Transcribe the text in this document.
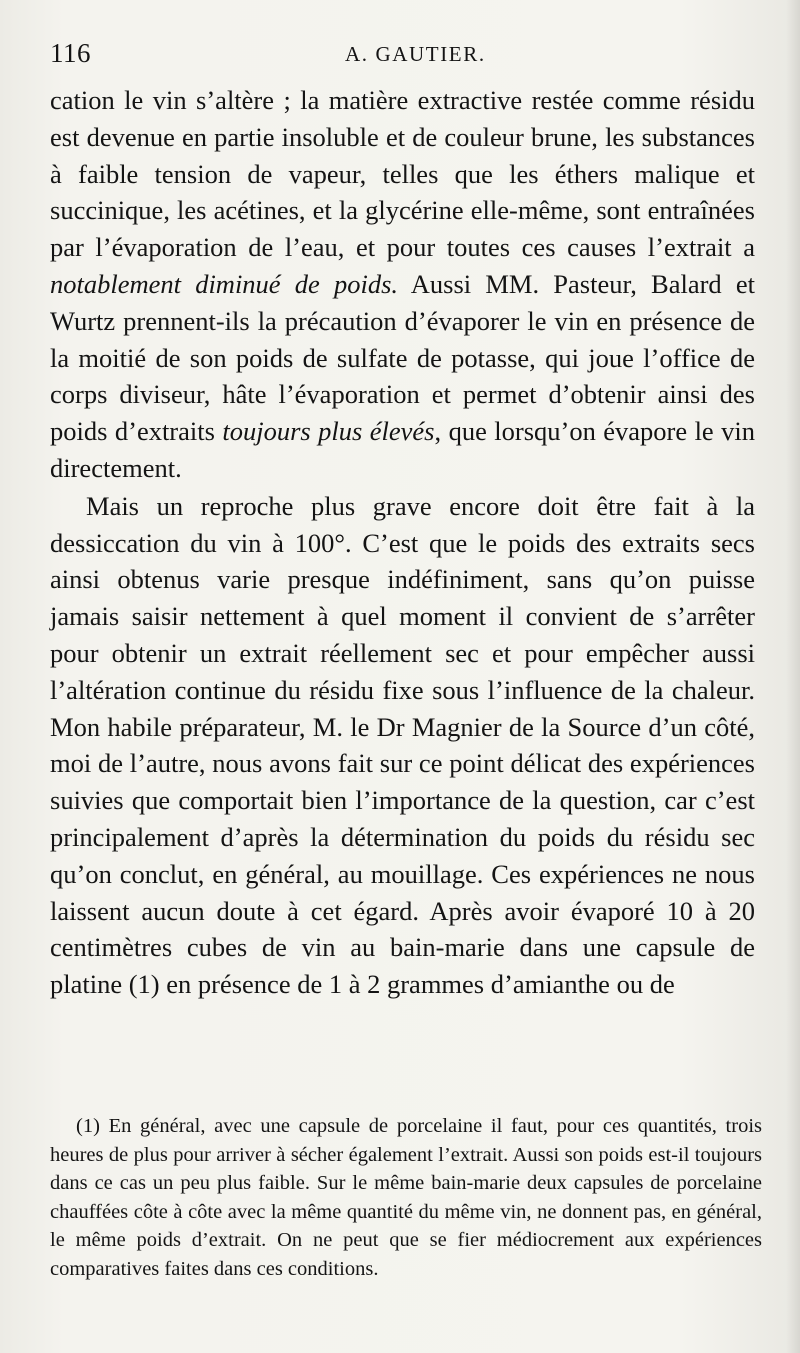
116	A. GAUTIER.

cation le vin s’altère ; la matière extractive restée comme résidu est devenue en partie insoluble et de couleur brune, les substances à faible tension de vapeur, telles que les éthers malique et succinique, les acétines, et la glycérine elle-même, sont entraînées par l’évaporation de l’eau, et pour toutes ces causes l’extrait a notablement diminué de poids. Aussi MM. Pasteur, Balard et Wurtz prennent-ils la précaution d’évaporer le vin en présence de la moitié de son poids de sulfate de potasse, qui joue l’office de corps diviseur, hâte l’évaporation et permet d’obtenir ainsi des poids d’extraits toujours plus élevés, que lorsqu’on évapore le vin directement.

Mais un reproche plus grave encore doit être fait à la dessiccation du vin à 100°. C’est que le poids des extraits secs ainsi obtenus varie presque indéfiniment, sans qu’on puisse jamais saisir nettement à quel moment il convient de s’arrêter pour obtenir un extrait réellement sec et pour empêcher aussi l’altération continue du résidu fixe sous l’influence de la chaleur. Mon habile préparateur, M. le Dr Magnier de la Source d’un côté, moi de l’autre, nous avons fait sur ce point délicat des expériences suivies que comportait bien l’importance de la question, car c’est principalement d’après la détermination du poids du résidu sec qu’on conclut, en général, au mouillage. Ces expériences ne nous laissent aucun doute à cet égard. Après avoir évaporé 10 à 20 centimètres cubes de vin au bain-marie dans une capsule de platine (1) en présence de 1 à 2 grammes d’amianthe ou de

(1) En général, avec une capsule de porcelaine il faut, pour ces quantités, trois heures de plus pour arriver à sécher également l’extrait. Aussi son poids est-il toujours dans ce cas un peu plus faible. Sur le même bain-marie deux capsules de porcelaine chauffées côte à côte avec la même quantité du même vin, ne donnent pas, en général, le même poids d’extrait. On ne peut que se fier médiocrement aux expériences comparatives faites dans ces conditions.
